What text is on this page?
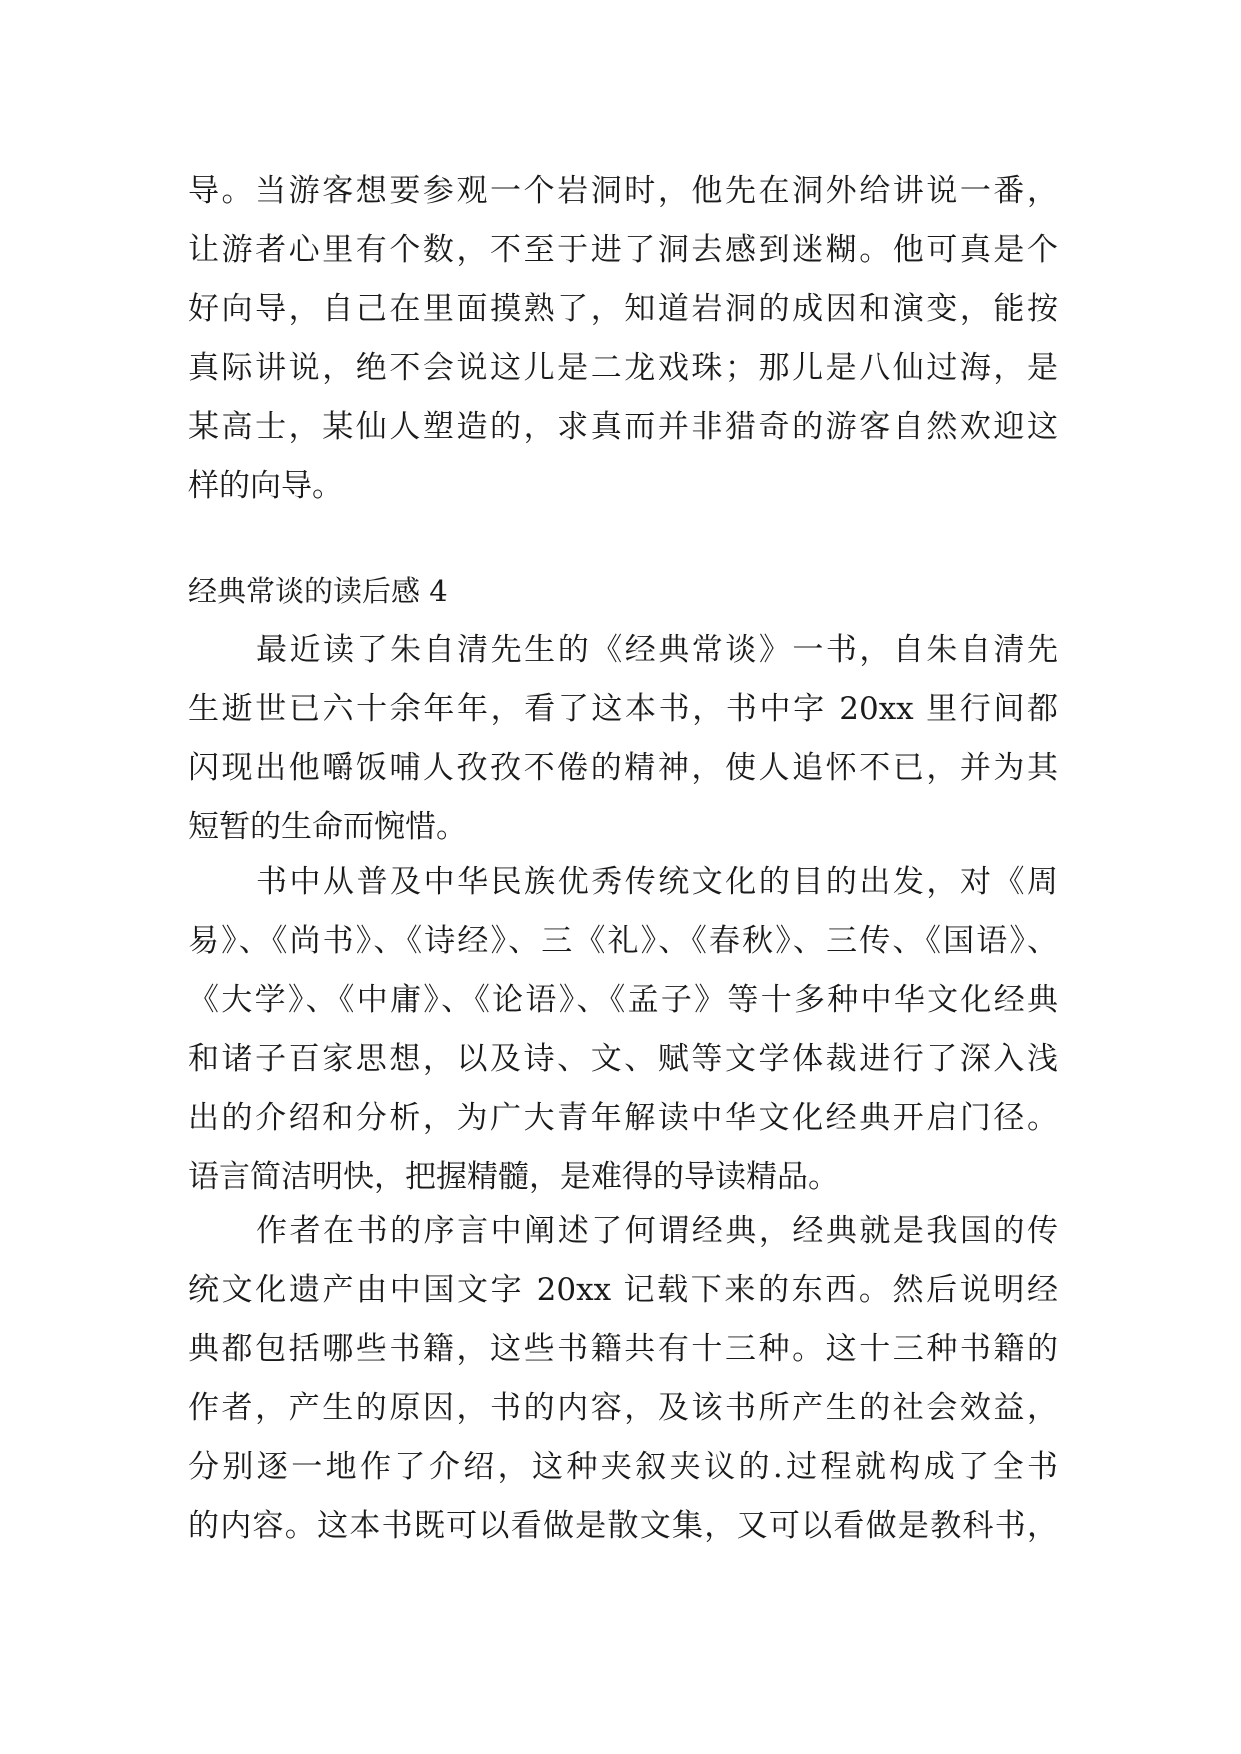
导。当游客想要参观一个岩洞时，他先在洞外给讲说一番，
让游者心里有个数，不至于进了洞去感到迷糊。他可真是个
好向导，自己在里面摸熟了，知道岩洞的成因和演变，能按
真际讲说，绝不会说这儿是二龙戏珠；那儿是八仙过海，是
某高士，某仙人塑造的，求真而并非猎奇的游客自然欢迎这
样的向导。
经典常谈的读后感 4
最近读了朱自清先生的《经典常谈》一书，自朱自清先
生逝世已六十余年年，看了这本书，书中字 20xx 里行间都
闪现出他嚼饭哺人孜孜不倦的精神，使人追怀不已，并为其
短暂的生命而惋惜。
书中从普及中华民族优秀传统文化的目的出发，对《周
易》、《尚书》、《诗经》、三《礼》、《春秋》、三传、《国语》、
《大学》、《中庸》、《论语》、《孟子》等十多种中华文化经典
和诸子百家思想，以及诗、文、赋等文学体裁进行了深入浅
出的介绍和分析，为广大青年解读中华文化经典开启门径。
语言简洁明快，把握精髓，是难得的导读精品。
作者在书的序言中阐述了何谓经典，经典就是我国的传
统文化遗产由中国文字 20xx 记载下来的东西。然后说明经
典都包括哪些书籍，这些书籍共有十三种。这十三种书籍的
作者，产生的原因，书的内容，及该书所产生的社会效益，
分别逐一地作了介绍，这种夹叙夹议的.过程就构成了全书
的内容。这本书既可以看做是散文集，又可以看做是教科书，
